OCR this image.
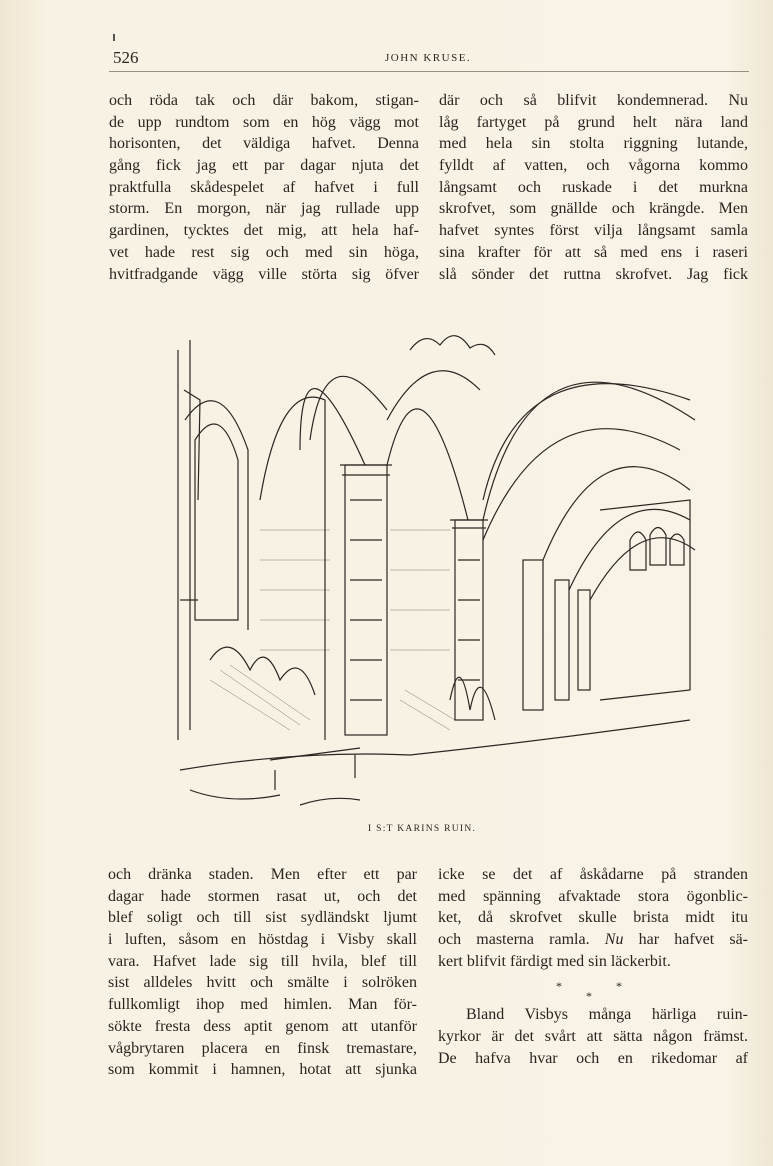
526	JOHN KRUSE.
och röda tak och där bakom, stigan-
de upp rundtom som en hög vägg mot
horisonten, det väldiga hafvet. Denna
gång fick jag ett par dagar njuta det
praktfulla skådespelet af hafvet i full
storm. En morgon, när jag rullade upp
gardinen, tycktes det mig, att hela haf-
vet hade rest sig och med sin höga,
hvitfradgande vägg ville störta sig öfver
där och så blifvit kondemnerad. Nu
låg fartyget på grund helt nära land
med hela sin stolta riggning lutande,
fylldt af vatten, och vågorna kommo
långsamt och ruskade i det murkna
skrofvet, som gnällde och krängde. Men
hafvet syntes först vilja långsamt samla
sina krafter för att så med ens i raseri
slå sönder det ruttna skrofvet. Jag fick
I S:T KARINS RUIN.
och dränka staden. Men efter ett par
dagar hade stormen rasat ut, och det
blef soligt och till sist sydländskt ljumt
i luften, såsom en höstdag i Visby skall
vara. Hafvet lade sig till hvila, blef till
sist alldeles hvitt och smälte i solröken
fullkomligt ihop med himlen. Man för-
sökte fresta dess aptit genom att utanför
vågbrytaren placera en finsk tremastare,
som kommit i hamnen, hotat att sjunka
icke se det af åskådarne på stranden
med spänning afvaktade stora ögonblic-
ket, då skrofvet skulle brista midt itu
och masterna ramla. Nu har hafvet sä-
kert blifvit färdigt med sin läckerbit.
*	*
*
Bland Visbys många härliga ruin-
kyrkor är det svårt att sätta någon främst.
De hafva hvar och en rikedomar af
